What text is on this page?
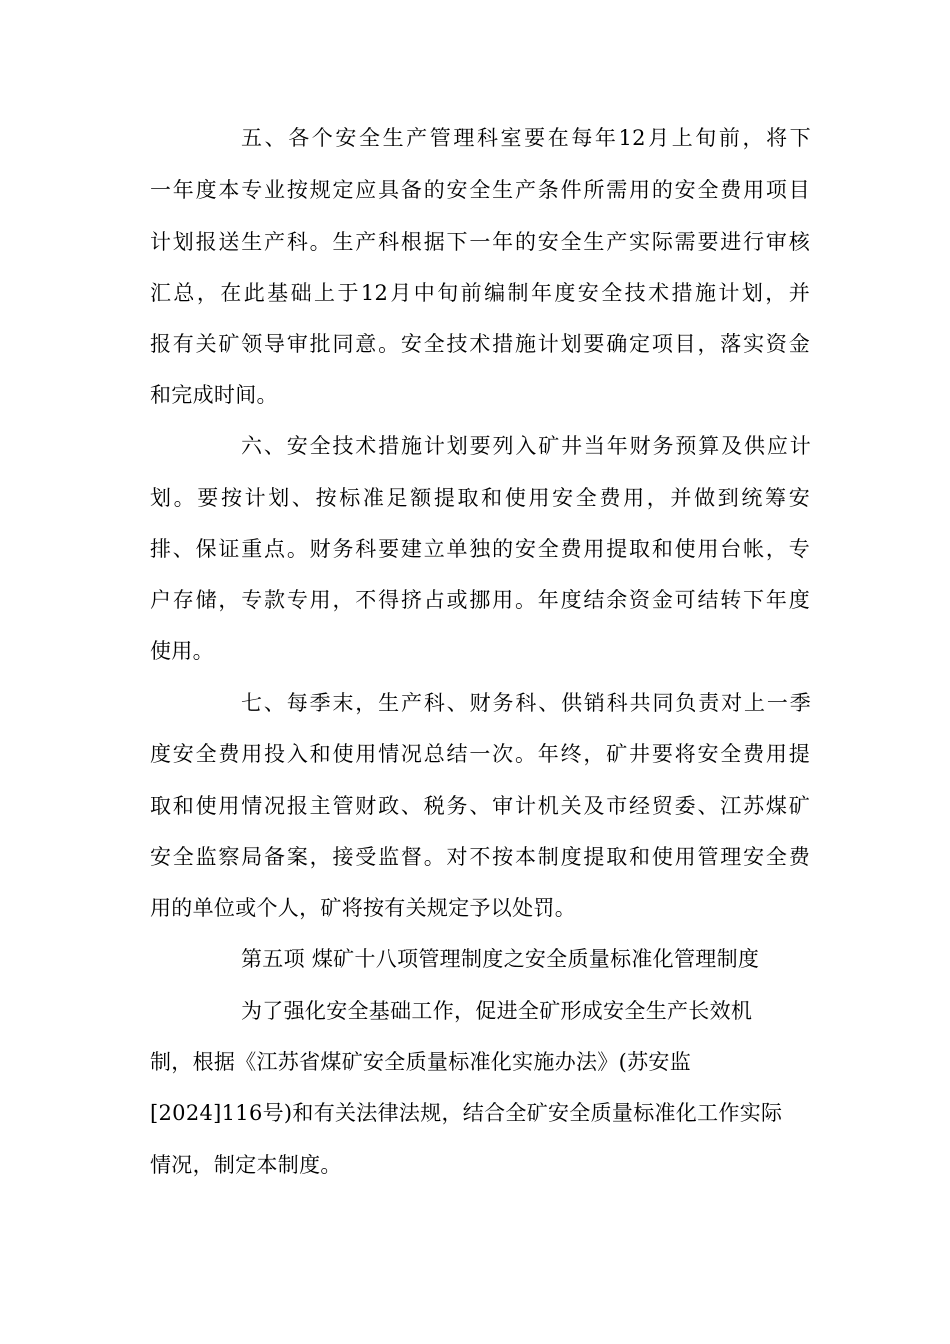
五、各个安全生产管理科室要在每年12月上旬前，将下
一年度本专业按规定应具备的安全生产条件所需用的安全费用项目
计划报送生产科。生产科根据下一年的安全生产实际需要进行审核
汇总，在此基础上于12月中旬前编制年度安全技术措施计划，并
报有关矿领导审批同意。安全技术措施计划要确定项目，落实资金
和完成时间。
六、安全技术措施计划要列入矿井当年财务预算及供应计
划。要按计划、按标准足额提取和使用安全费用，并做到统筹安
排、保证重点。财务科要建立单独的安全费用提取和使用台帐，专
户存储，专款专用，不得挤占或挪用。年度结余资金可结转下年度
使用。
七、每季末，生产科、财务科、供销科共同负责对上一季
度安全费用投入和使用情况总结一次。年终，矿井要将安全费用提
取和使用情况报主管财政、税务、审计机关及市经贸委、江苏煤矿
安全监察局备案，接受监督。对不按本制度提取和使用管理安全费
用的单位或个人，矿将按有关规定予以处罚。
第五项 煤矿十八项管理制度之安全质量标准化管理制度
为了强化安全基础工作，促进全矿形成安全生产长效机
制，根据《江苏省煤矿安全质量标准化实施办法》(苏安监
[2024]116号)和有关法律法规，结合全矿安全质量标准化工作实际
情况，制定本制度。
